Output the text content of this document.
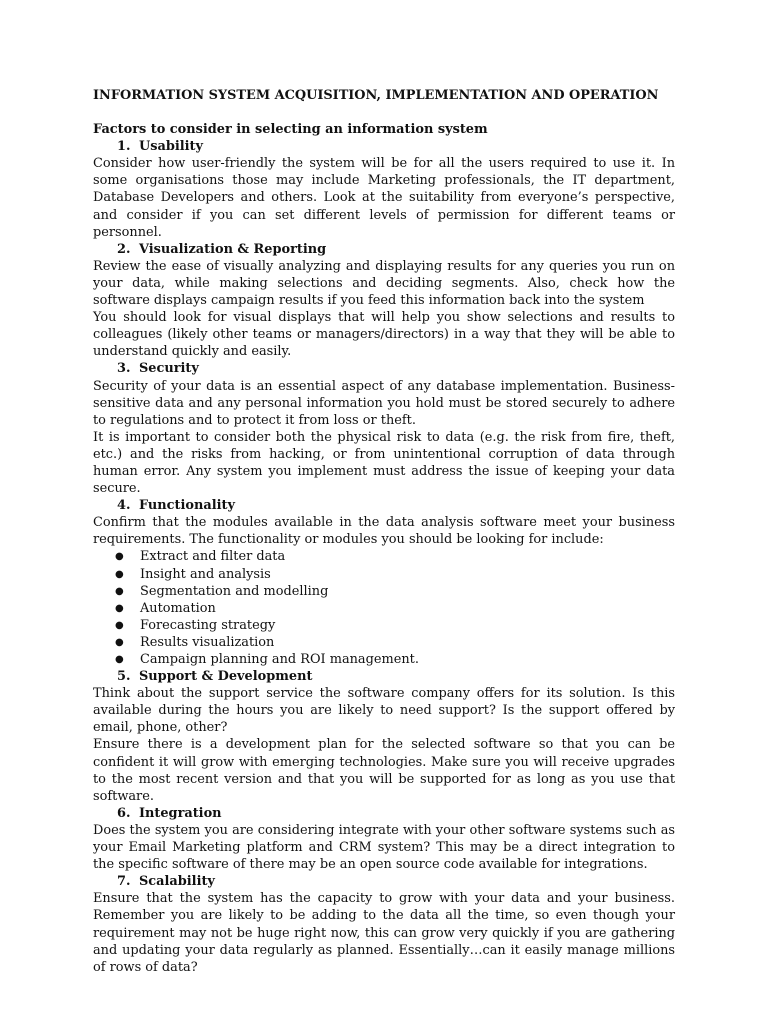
INFORMATION SYSTEM ACQUISITION, IMPLEMENTATION AND OPERATION
Factors to consider in selecting an information system
1. Usability

Consider how user-friendly the system will be for all the users required to use it. In some organisations those may include Marketing professionals, the IT department, Database Developers and others. Look at the suitability from everyone’s perspective, and consider if you can set different levels of permission for different teams or personnel.

2. Visualization & Reporting

Review the ease of visually analyzing and displaying results for any queries you run on your data, while making selections and deciding segments. Also, check how the software displays campaign results if you feed this information back into the system

You should look for visual displays that will help you show selections and results to colleagues (likely other teams or managers/directors) in a way that they will be able to understand quickly and easily.

3. Security

Security of your data is an essential aspect of any database implementation. Business-sensitive data and any personal information you hold must be stored securely to adhere to regulations and to protect it from loss or theft.

It is important to consider both the physical risk to data (e.g. the risk from fire, theft, etc.) and the risks from hacking, or from unintentional corruption of data through human error. Any system you implement must address the issue of keeping your data secure.

4. Functionality

Confirm that the modules available in the data analysis software meet your business requirements. The functionality or modules you should be looking for include:

● Extract and filter data
● Insight and analysis
● Segmentation and modelling
● Automation
● Forecasting strategy
● Results visualization
● Campaign planning and ROI management.
5. Support & Development

Think about the support service the software company offers for its solution. Is this available during the hours you are likely to need support? Is the support offered by email, phone, other?

Ensure there is a development plan for the selected software so that you can be confident it will grow with emerging technologies. Make sure you will receive upgrades to the most recent version and that you will be supported for as long as you use that software.

6. Integration

Does the system you are considering integrate with your other software systems such as your Email Marketing platform and CRM system? This may be a direct integration to the specific software of there may be an open source code available for integrations.

7. Scalability

Ensure that the system has the capacity to grow with your data and your business. Remember you are likely to be adding to the data all the time, so even though your requirement may not be huge right now, this can grow very quickly if you are gathering and updating your data regularly as planned. Essentially…can it easily manage millions of rows of data?
